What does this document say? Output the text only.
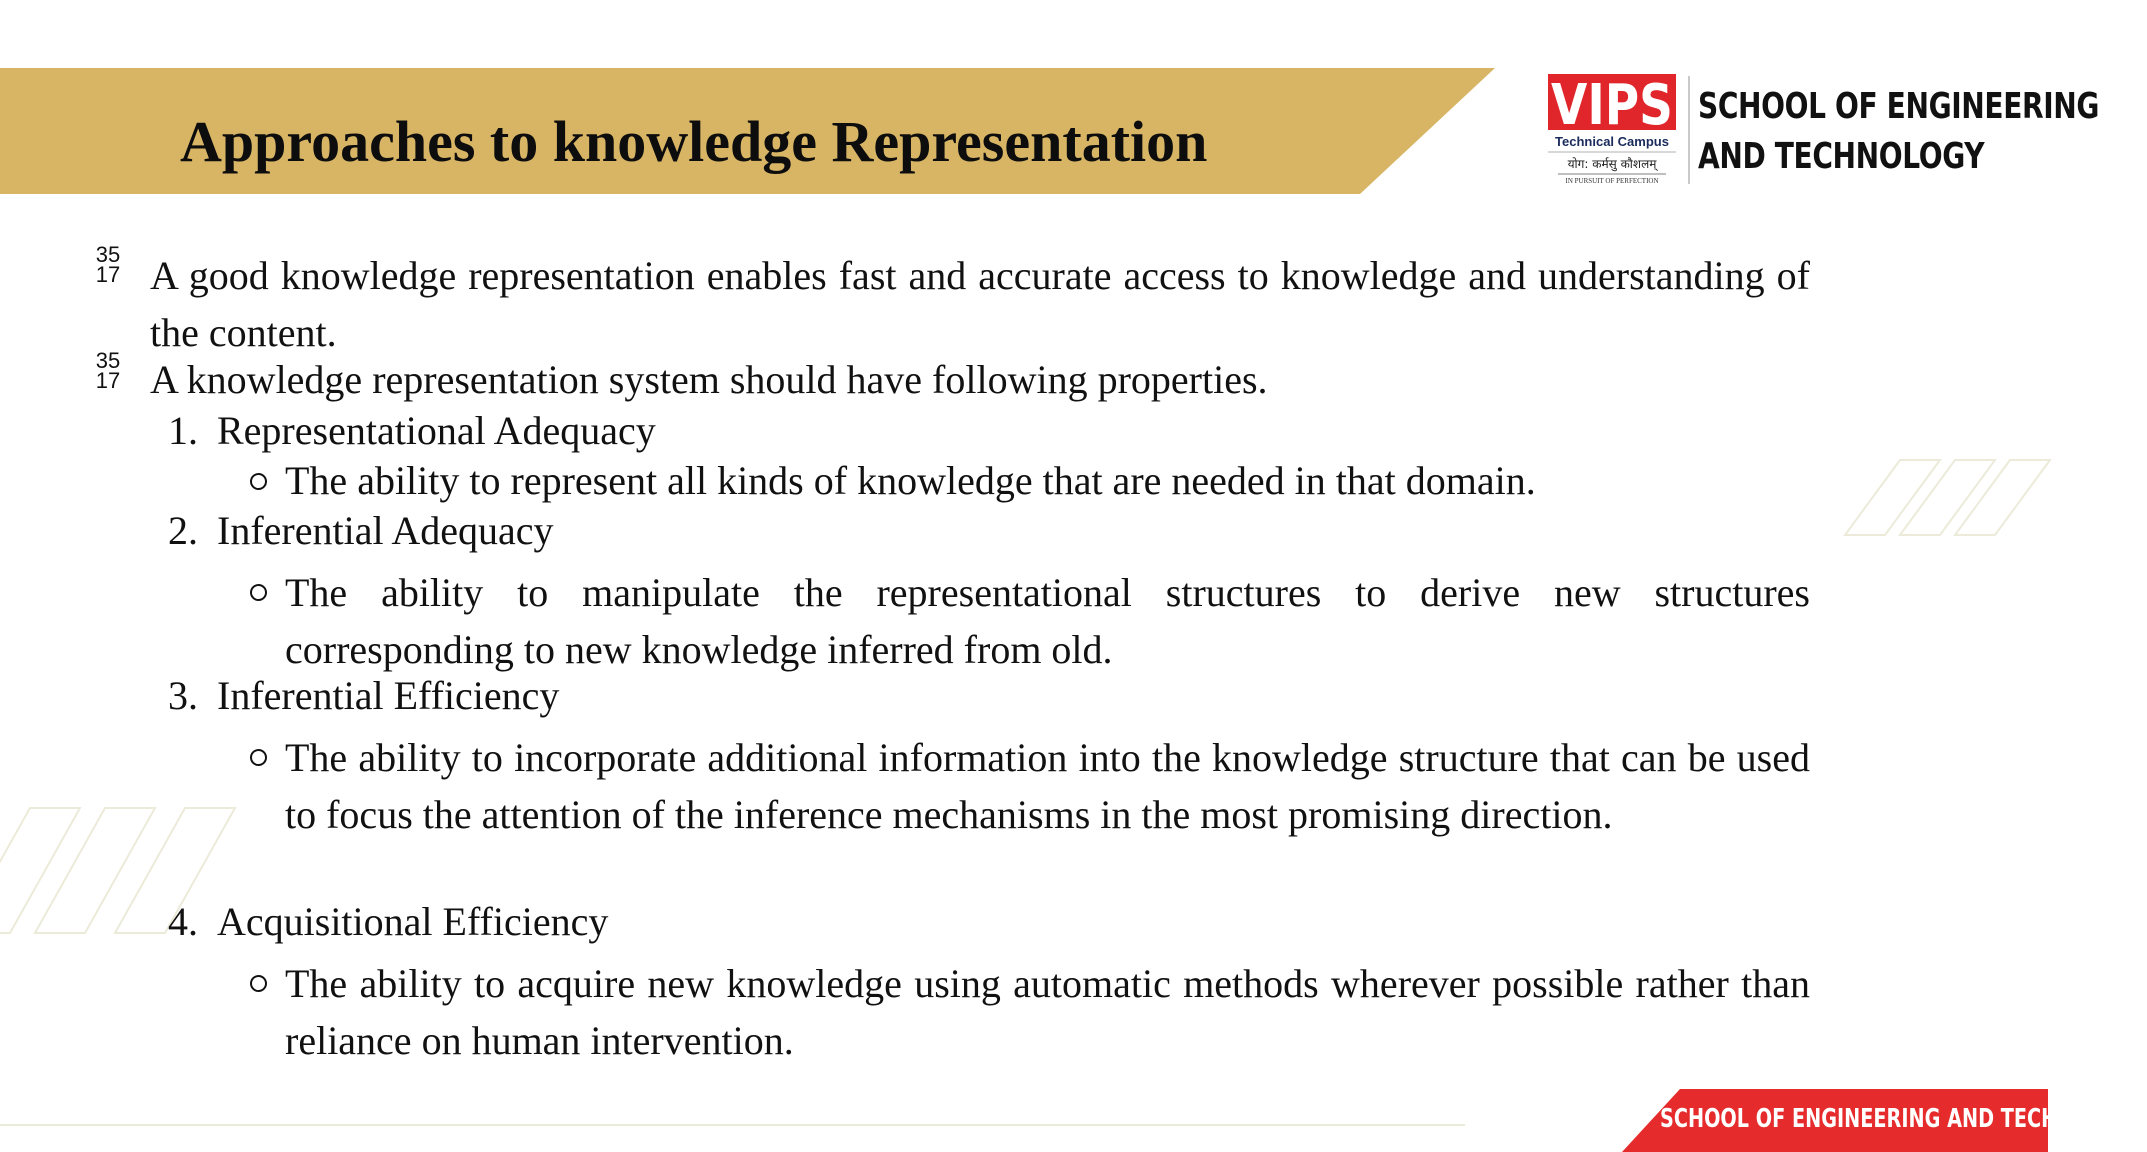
Approaches to knowledge Representation
VIPS
Technical Campus
योग: कर्मसु कौशलम्
IN PURSUIT OF PERFECTION
SCHOOL OF ENGINEERING
AND TECHNOLOGY
35
17
35
17
A good knowledge representation enables fast and accurate access to knowledge and understanding of the content.
A knowledge representation system should have following properties.
1. Representational Adequacy
The ability to represent all kinds of knowledge that are needed in that domain.
2. Inferential Adequacy
The ability to manipulate the representational structures to derive new structures corresponding to new knowledge inferred from old.
3. Inferential Efficiency
The ability to incorporate additional information into the knowledge structure that can be used to focus the attention of the inference mechanisms in the most promising direction.
4. Acquisitional Efficiency
The ability to acquire new knowledge using automatic methods wherever possible rather than reliance on human intervention.
SCHOOL OF ENGINEERING AND TECHNOLOGY
